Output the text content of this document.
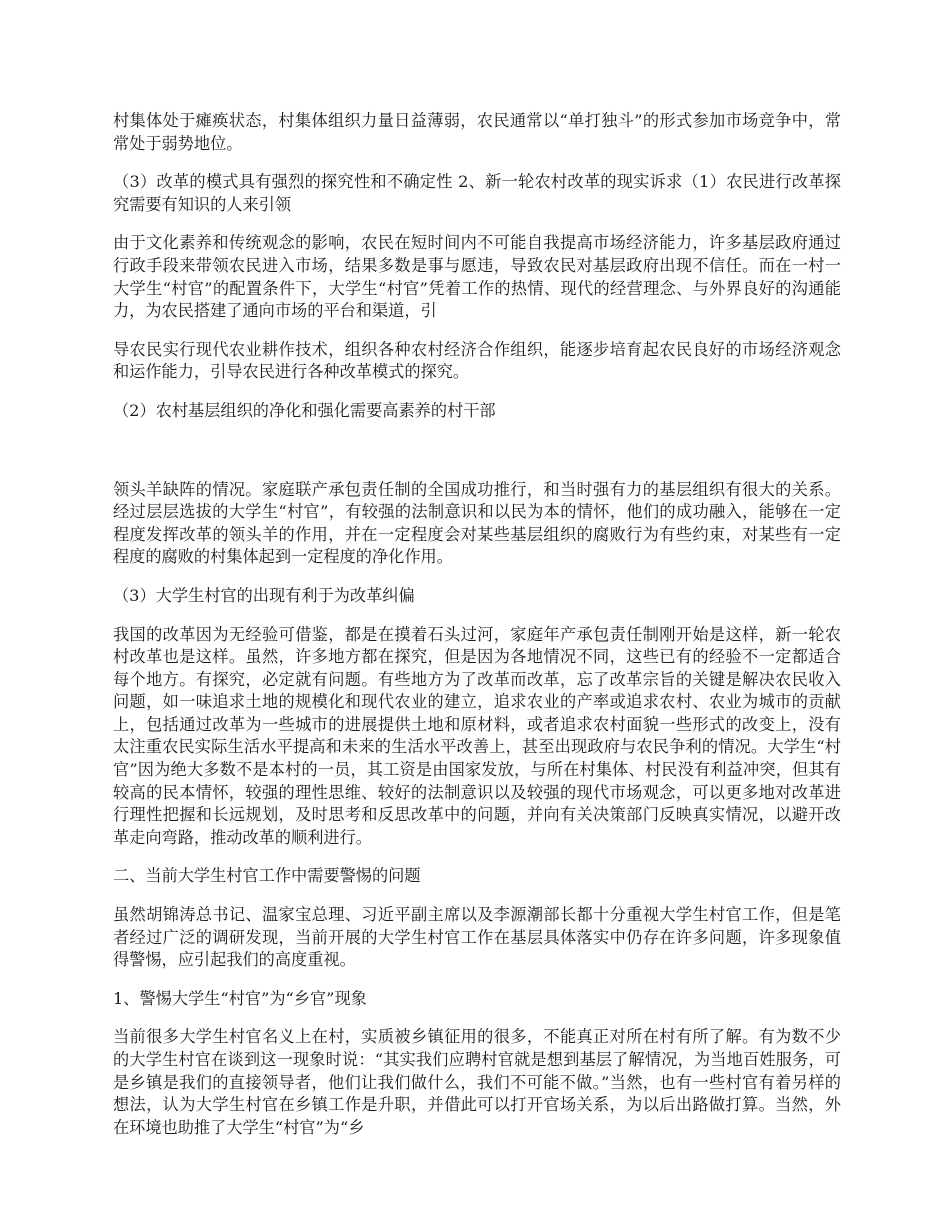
村集体处于瘫痪状态，村集体组织力量日益薄弱，农民通常以“单打独斗”的形式参加市场竞争中，常常处于弱势地位。

（3）改革的模式具有强烈的探究性和不确定性 2、新一轮农村改革的现实诉求（1）农民进行改革探究需要有知识的人来引领

由于文化素养和传统观念的影响，农民在短时间内不可能自我提高市场经济能力，许多基层政府通过行政手段来带领农民进入市场，结果多数是事与愿违，导致农民对基层政府出现不信任。而在一村一大学生“村官”的配置条件下，大学生“村官”凭着工作的热情、现代的经营理念、与外界良好的沟通能力，为农民搭建了通向市场的平台和渠道，引

导农民实行现代农业耕作技术，组织各种农村经济合作组织，能逐步培育起农民良好的市场经济观念和运作能力，引导农民进行各种改革模式的探究。

（2）农村基层组织的净化和强化需要高素养的村干部

领头羊缺阵的情况。家庭联产承包责任制的全国成功推行，和当时强有力的基层组织有很大的关系。经过层层选拔的大学生“村官”，有较强的法制意识和以民为本的情怀，他们的成功融入，能够在一定程度发挥改革的领头羊的作用，并在一定程度会对某些基层组织的腐败行为有些约束，对某些有一定程度的腐败的村集体起到一定程度的净化作用。

（3）大学生村官的出现有利于为改革纠偏

我国的改革因为无经验可借鉴，都是在摸着石头过河，家庭年产承包责任制刚开始是这样，新一轮农村改革也是这样。虽然，许多地方都在探究，但是因为各地情况不同，这些已有的经验不一定都适合每个地方。有探究，必定就有问题。有些地方为了改革而改革，忘了改革宗旨的关键是解决农民收入问题，如一味追求土地的规模化和现代农业的建立，追求农业的产率或追求农村、农业为城市的贡献上，包括通过改革为一些城市的进展提供土地和原材料，或者追求农村面貌一些形式的改变上，没有太注重农民实际生活水平提高和未来的生活水平改善上，甚至出现政府与农民争利的情况。大学生“村官”因为绝大多数不是本村的一员，其工资是由国家发放，与所在村集体、村民没有利益冲突，但其有较高的民本情怀，较强的理性思维、较好的法制意识以及较强的现代市场观念，可以更多地对改革进行理性把握和长远规划，及时思考和反思改革中的问题，并向有关决策部门反映真实情况，以避开改革走向弯路，推动改革的顺利进行。

二、当前大学生村官工作中需要警惕的问题

虽然胡锦涛总书记、温家宝总理、习近平副主席以及李源潮部长都十分重视大学生村官工作，但是笔者经过广泛的调研发现，当前开展的大学生村官工作在基层具体落实中仍存在许多问题，许多现象值得警惕，应引起我们的高度重视。

1、警惕大学生“村官”为“乡官”现象

当前很多大学生村官名义上在村，实质被乡镇征用的很多，不能真正对所在村有所了解。有为数不少的大学生村官在谈到这一现象时说：“其实我们应聘村官就是想到基层了解情况，为当地百姓服务，可是乡镇是我们的直接领导者，他们让我们做什么，我们不可能不做。”当然，也有一些村官有着另样的想法，认为大学生村官在乡镇工作是升职，并借此可以打开官场关系，为以后出路做打算。当然，外在环境也助推了大学生“村官”为“乡
